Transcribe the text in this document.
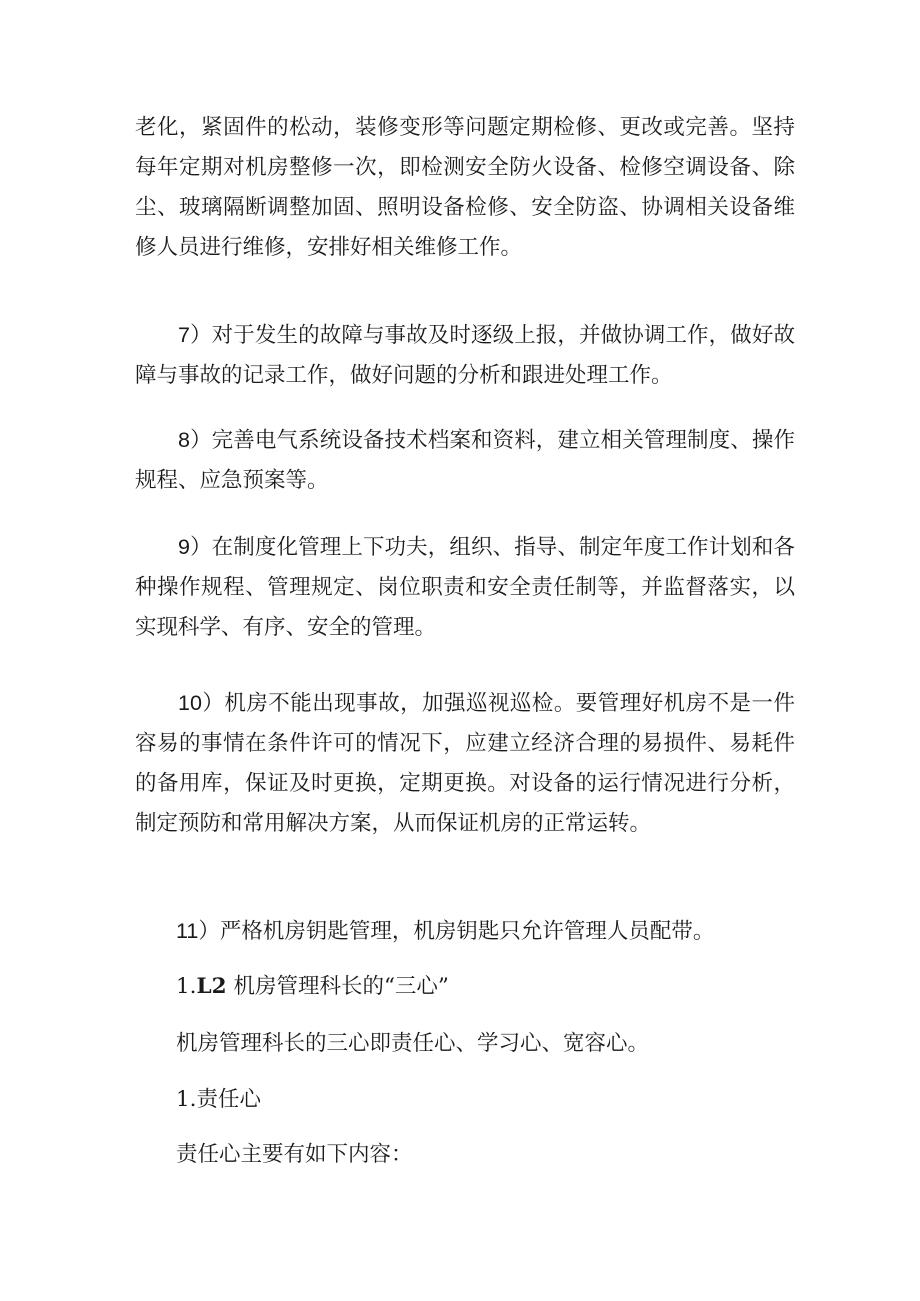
老化，紧固件的松动，装修变形等问题定期检修、更改或完善。坚持每年定期对机房整修一次，即检测安全防火设备、检修空调设备、除尘、玻璃隔断调整加固、照明设备检修、安全防盗、协调相关设备维修人员进行维修，安排好相关维修工作。

7）对于发生的故障与事故及时逐级上报，并做协调工作，做好故障与事故的记录工作，做好问题的分析和跟进处理工作。

8）完善电气系统设备技术档案和资料，建立相关管理制度、操作规程、应急预案等。

9）在制度化管理上下功夫，组织、指导、制定年度工作计划和各种操作规程、管理规定、岗位职责和安全责任制等，并监督落实，以实现科学、有序、安全的管理。

10）机房不能出现事故，加强巡视巡检。要管理好机房不是一件容易的事情在条件许可的情况下，应建立经济合理的易损件、易耗件的备用库，保证及时更换，定期更换。对设备的运行情况进行分析，制定预防和常用解决方案，从而保证机房的正常运转。

11）严格机房钥匙管理，机房钥匙只允许管理人员配带。

1.L2 机房管理科长的“三心”

机房管理科长的三心即责任心、学习心、宽容心。

1.责任心

责任心主要有如下内容：
